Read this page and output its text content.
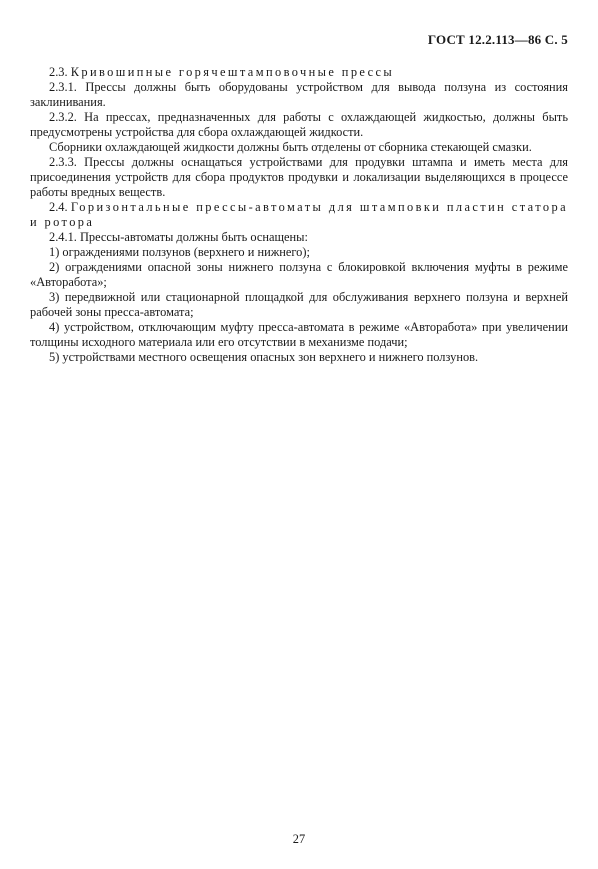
ГОСТ 12.2.113—86 С. 5

2.3. Кривошипные горячештамповочные прессы

2.3.1. Прессы должны быть оборудованы устройством для вывода ползуна из состояния заклинивания.

2.3.2. На прессах, предназначенных для работы с охлаждающей жидкостью, должны быть предусмотрены устройства для сбора охлаждающей жидкости.

Сборники охлаждающей жидкости должны быть отделены от сборника стекающей смазки.

2.3.3. Прессы должны оснащаться устройствами для продувки штампа и иметь места для присоединения устройств для сбора продуктов продувки и локализации выделяющихся в процессе работы вредных веществ.

2.4. Горизонтальные прессы-автоматы для штамповки пластин статора и ротора

2.4.1. Прессы-автоматы должны быть оснащены:

1) ограждениями ползунов (верхнего и нижнего);

2) ограждениями опасной зоны нижнего ползуна с блокировкой включения муфты в режиме «Авторабота»;

3) передвижной или стационарной площадкой для обслуживания верхнего ползуна и верхней рабочей зоны пресса-автомата;

4) устройством, отключающим муфту пресса-автомата в режиме «Авторабота» при увеличении толщины исходного материала или его отсутствии в механизме подачи;

5) устройствами местного освещения опасных зон верхнего и нижнего ползунов.

27
